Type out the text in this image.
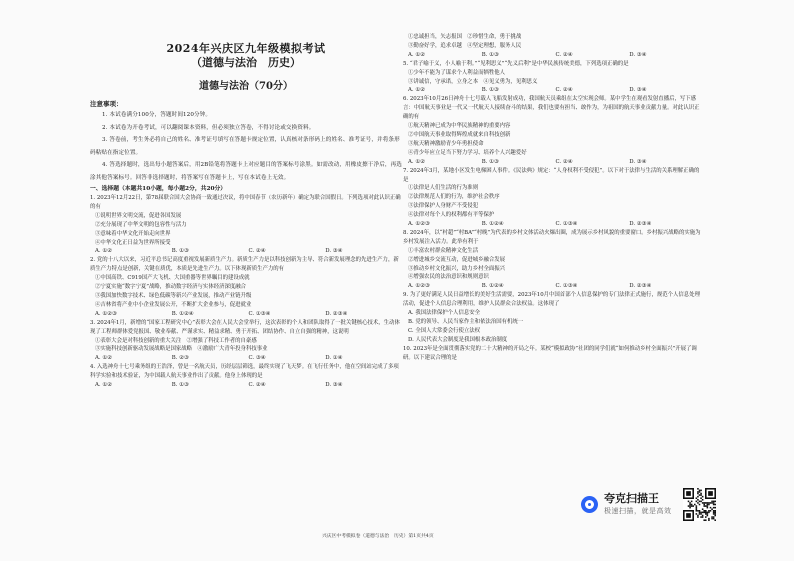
2024年兴庆区九年级模拟考试
（道德与法治　历史）
道德与法治（70分）
注意事项：

1. 本试卷满分100分，答题时间120分钟。

2. 本试卷为开卷考试，可以翻阅课本资料，但必须独立答卷，不得讨论或交换资料。

3. 答卷前，考生务必将自己的姓名、准考证号填写在答题卡规定位置，认真核对条形码上的姓名、准考证号，并将条形码粘贴在指定位置。

4. 答选择题时，选出每小题答案后，用2B铅笔将答题卡上对应题目的答案标号涂黑。如需改动，用橡皮擦干净后，再选涂其他答案标号。回答非选择题时，将答案写在答题卡上，写在本试卷上无效。

一、选择题（本题共10小题，每小题2分，共20分）

1. 2023年12月22日，第78届联合国大会协商一致通过决议，将中国春节（农历新年）确定为联合国假日。下列选项对此认识正确的有

①说明世界文明交流，促进各国发展

②充分展现了中华文明的包容性与活力

③意味着中华文化开始走向世界

④中华文化正日益为世界所接受

A. ①②	B. ①③	C. ②④	D. ③④

2. 党的十八大以来，习近平总书记高度重视发展新质生产力。新质生产力是以科技创新为主导、符合新发展理念的先进生产力，新质生产力特点是创新，关键在质优，本质是先进生产力。以下体现新质生产力的有

①中国高铁、C919国产大飞机、大国重器等世界瞩目的建设成就

②宁夏实施“数字宁夏”战略，推动数字经济与实体经济深度融合

③我国加快数字技术、绿色低碳等新兴产业发展，推动产业链升级

④吉林省将产业中小企业发展公开，不断扩大企业参与，促进就业

A. ①②③	B. ①②④	C. ①③④	D. ②③④

3. 2024年1月，新增的“国家工程研究中心”表彰大会在人民大会堂举行，这次表彰的个人和团队取得了一批关键核心技术，生动体现了工程师群体爱党报国、敬业奉献、严谨求实、精益求精、勇于开拓、团结协作、自立自强的精神，这说明

①表彰大会是对科技创新的重大关注　②增强了科技工作者的自豪感

③实施科技创新驱动发展战略是国家战略　④激励广大青年投身科技事业

A. ①②	B. ②③	C. ③④	D. ①④

4. 入选神舟十七号乘务组的王浩泽，曾是一名航天员，历经层层筛选，最终实现了飞天梦。在飞行任务中，他在空间站完成了多项科学实验和技术验证，为中国载人航天事业作出了贡献。他身上体现的是

A. ①②	B. ①③	C. ②④	D. ③④

①忠诚担当，矢志报国　②珍惜生命，勇于挑战

③勤奋好学，追求卓越　④坚定理想，服务人民

A. ①②	B. ①③	C. ②④	D. ③④

5. “君子喻于义，小人喻于利。”“见利思义”“先义后利”是中华民族传统美德，下列选项正确的是

①少年不能为了谋求个人利益而牺牲他人

③讲诚信，守承诺，立身之本　④见义勇为，见利思义

A. ①②	B. ①③	C. ②④	D. ③④

6. 2023年10月26日神舟十七号载人飞船发射成功，我国航天员乘组在太空实现会师。某中学生在观看发射直播后，写下感言：中国航天事业是一代又一代航天人接续奋斗的结果，我们也要有担当、敢作为，为祖国的航天事业贡献力量。对此认识正确的有

①航天精神已成为中华民族精神的重要内容

②中国航天事业取得辉煌成就来自科技创新

③航天精神激励青少年勇担使命

④青少年应立足当下努力学习、培养个人兴趣爱好

A. ①②	B. ①③	C. ②④	D. ③④

7. 2024年3月，某地小区发生电梯困人事件。《民法典》规定：“人身权利不受侵犯”。以下对于法律与生活的关系理解正确的是

①法律是人们生活的行为准则

②法律规范人们的行为，维护社会秩序

③法律保护人身财产不受侵犯

④法律对每个人的权利都有平等保护

A. ①②③	B. ①②④	C. ①③④	D. ②③④

8. 2024年，以“村超”“村BA”“村晚”为代表的乡村文体活动火爆出圈，成为展示乡村风貌的重要窗口。乡村振兴战略的实施为乡村发展注入活力。此举有利于

①丰富农村群众精神文化生活

②增进城乡交流互动，促进城乡融合发展

③推动乡村文化振兴，助力乡村全面振兴

④增强农民的法治意识和规则意识

A. ①②③	B. ①②④	C. ①③④	D. ②③④

9. 为了更好满足人民日益增长的美好生活需要，2023年10月中国首部个人信息保护的专门法律正式施行，规范个人信息处理活动，促进个人信息合理利用，维护人民群众合法权益。这体现了

A. 我国法律保护个人信息安全

B. 党的领导、人民当家作主和依法治国有机统一

C. 全国人大常委会行使立法权

D. 人民代表大会制度是我国根本政治制度

10. 2023年是全面贯彻落实党的二十大精神的开局之年。某校“模拟政协”社团的同学们就“如何推动乡村全面振兴”开展了调研。以下建议合理的是

兴庆区中考模拟卷（道德与法治　历史）第1页共4页
夸克扫描王
极速扫描，就是高效
